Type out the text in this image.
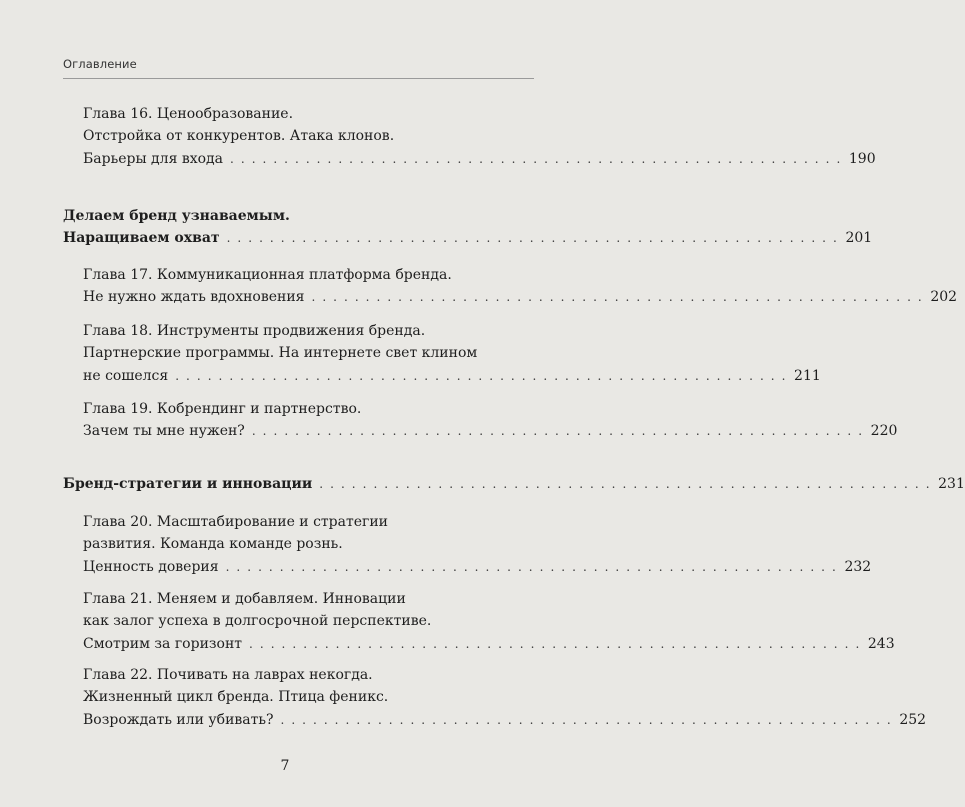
Оглавление
Глава 16. Ценообразование.
Отстройка от конкурентов. Атака клонов.
Барьеры для входа . . . . . . . . . . . . . . . . . . . . . . . . . . . . . . . . . . . . . . . . . . . . . . . . . . . . . . . . . 190
Делаем бренд узнаваемым.
Наращиваем охват . . . . . . . . . . . . . . . . . . . . . . . . . . . . . . . . . . . . . . . . . . . . . . . . . . . . . . . . . 201
Глава 17. Коммуникационная платформа бренда.
Не нужно ждать вдохновения . . . . . . . . . . . . . . . . . . . . . . . . . . . . . . . . . . . . . . . . . . . . . . . . . . . . . . . . . 202
Глава 18. Инструменты продвижения бренда.
Партнерские программы. На интернете свет клином
не сошелся . . . . . . . . . . . . . . . . . . . . . . . . . . . . . . . . . . . . . . . . . . . . . . . . . . . . . . . . . 211
Глава 19. Кобрендинг и партнерство.
Зачем ты мне нужен? . . . . . . . . . . . . . . . . . . . . . . . . . . . . . . . . . . . . . . . . . . . . . . . . . . . . . . . . . 220
Бренд-стратегии и инновации . . . . . . . . . . . . . . . . . . . . . . . . . . . . . . . . . . . . . . . . . . . . . . . . . . . . . . . . . 231
Глава 20. Масштабирование и стратегии
развития. Команда команде рознь.
Ценность доверия . . . . . . . . . . . . . . . . . . . . . . . . . . . . . . . . . . . . . . . . . . . . . . . . . . . . . . . . . 232
Глава 21. Меняем и добавляем. Инновации
как залог успеха в долгосрочной перспективе.
Смотрим за горизонт . . . . . . . . . . . . . . . . . . . . . . . . . . . . . . . . . . . . . . . . . . . . . . . . . . . . . . . . . 243
Глава 22. Почивать на лаврах некогда.
Жизненный цикл бренда. Птица феникс.
Возрождать или убивать? . . . . . . . . . . . . . . . . . . . . . . . . . . . . . . . . . . . . . . . . . . . . . . . . . . . . . . . . . 252
7
